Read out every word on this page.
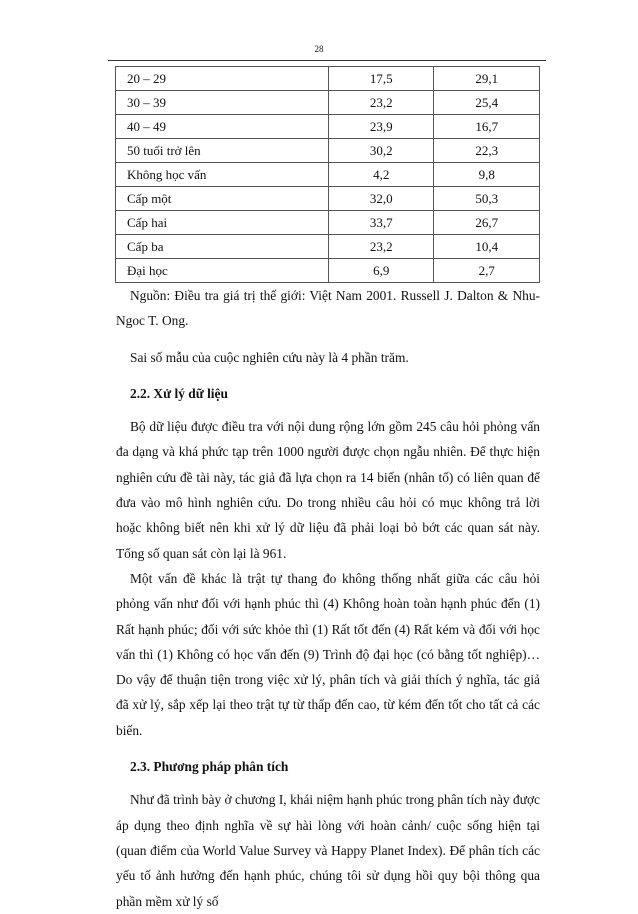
28
20 – 29	17,5	29,1
30 – 39	23,2	25,4
40 – 49	23,9	16,7
50 tuổi trở lên	30,2	22,3
Không học vấn	4,2	9,8
Cấp một	32,0	50,3
Cấp hai	33,7	26,7
Cấp ba	23,2	10,4
Đại học	6,9	2,7

Nguồn: Điều tra giá trị thế giới: Việt Nam 2001. Russell J. Dalton & Nhu-Ngoc T. Ong.

Sai số mẫu của cuộc nghiên cứu này là 4 phần trăm.

2.2. Xử lý dữ liệu

Bộ dữ liệu được điều tra với nội dung rộng lớn gồm 245 câu hỏi phỏng vấn đa dạng và khá phức tạp trên 1000 người được chọn ngẫu nhiên. Để thực hiện nghiên cứu đề tài này, tác giả đã lựa chọn ra 14 biến (nhân tố) có liên quan để đưa vào mô hình nghiên cứu. Do trong nhiều câu hỏi có mục không trả lời hoặc không biết nên khi xử lý dữ liệu đã phải loại bỏ bớt các quan sát này. Tổng số quan sát còn lại là 961.

Một vấn đề khác là trật tự thang đo không thống nhất giữa các câu hỏi phỏng vấn như đối với hạnh phúc thì (4) Không hoàn toàn hạnh phúc đến (1) Rất hạnh phúc; đối với sức khỏe thì (1) Rất tốt đến (4) Rất kém và đối với học vấn thì (1) Không có học vấn đến (9) Trình độ đại học (có bằng tốt nghiệp)… Do vậy để thuận tiện trong việc xử lý, phân tích và giải thích ý nghĩa, tác giả đã xử lý, sắp xếp lại theo trật tự từ thấp đến cao, từ kém đến tốt cho tất cả các biến.

2.3. Phương pháp phân tích

Như đã trình bày ở chương I, khái niệm hạnh phúc trong phân tích này được áp dụng theo định nghĩa về sự hài lòng với hoàn cảnh/ cuộc sống hiện tại (quan điểm của World Value Survey và Happy Planet Index). Để phân tích các yếu tố ảnh hưởng đến hạnh phúc, chúng tôi sử dụng hồi quy bội thông qua phần mềm xử lý số
